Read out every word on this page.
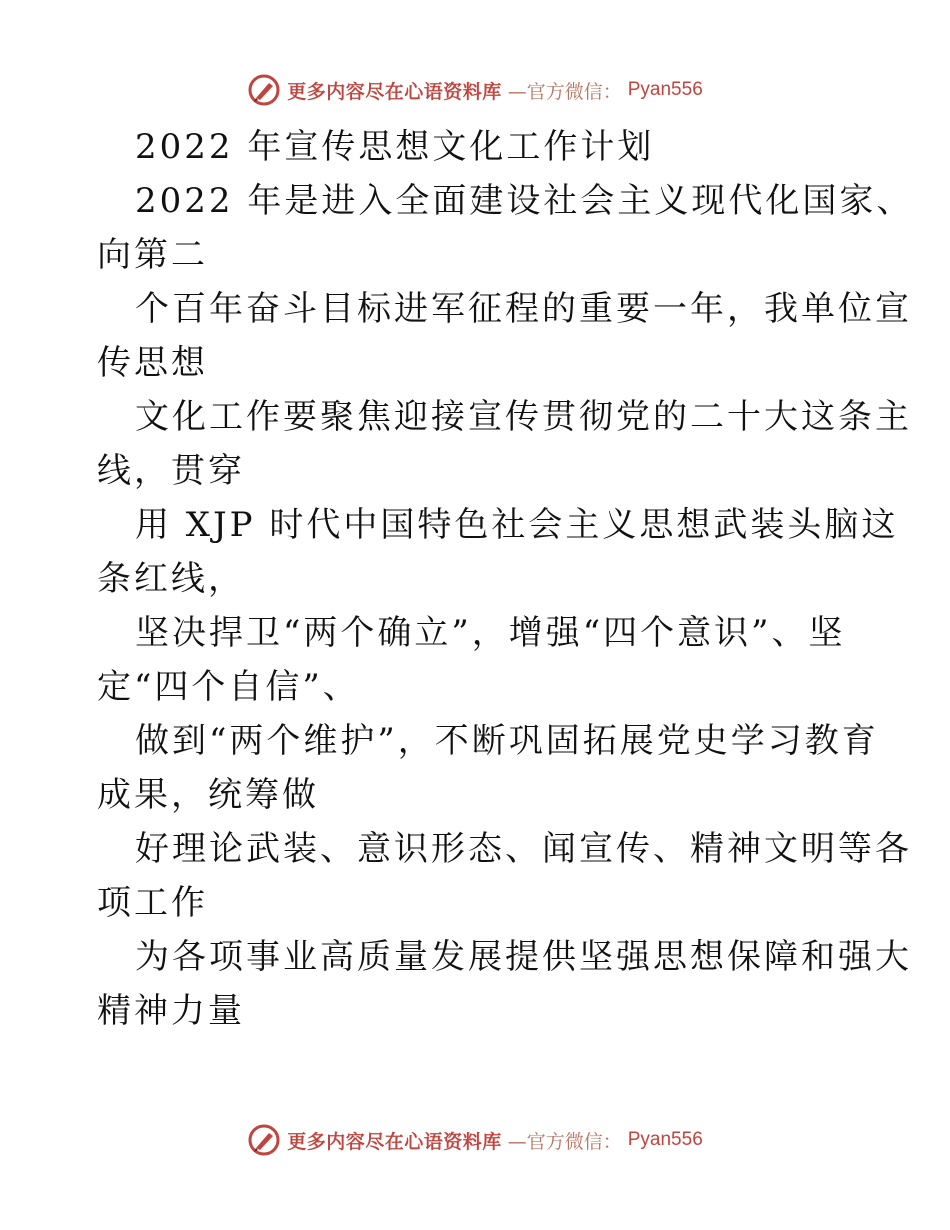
更多内容尽在心语资料库 —官方微信： Pyan556
2022 年宣传思想文化工作计划
2022 年是进入全面建设社会主义现代化国家、
向第二
个百年奋斗目标进军征程的重要一年，我单位宣
传思想
文化工作要聚焦迎接宣传贯彻党的二十大这条主
线，贯穿
用 XJP 时代中国特色社会主义思想武装头脑这
条红线，
坚决捍卫“两个确立”，增强“四个意识”、坚
定“四个自信”、
做到“两个维护”，不断巩固拓展党史学习教育
成果，统筹做
好理论武装、意识形态、闻宣传、精神文明等各
项工作
为各项事业高质量发展提供坚强思想保障和强大
精神力量
更多内容尽在心语资料库 —官方微信： Pyan556
